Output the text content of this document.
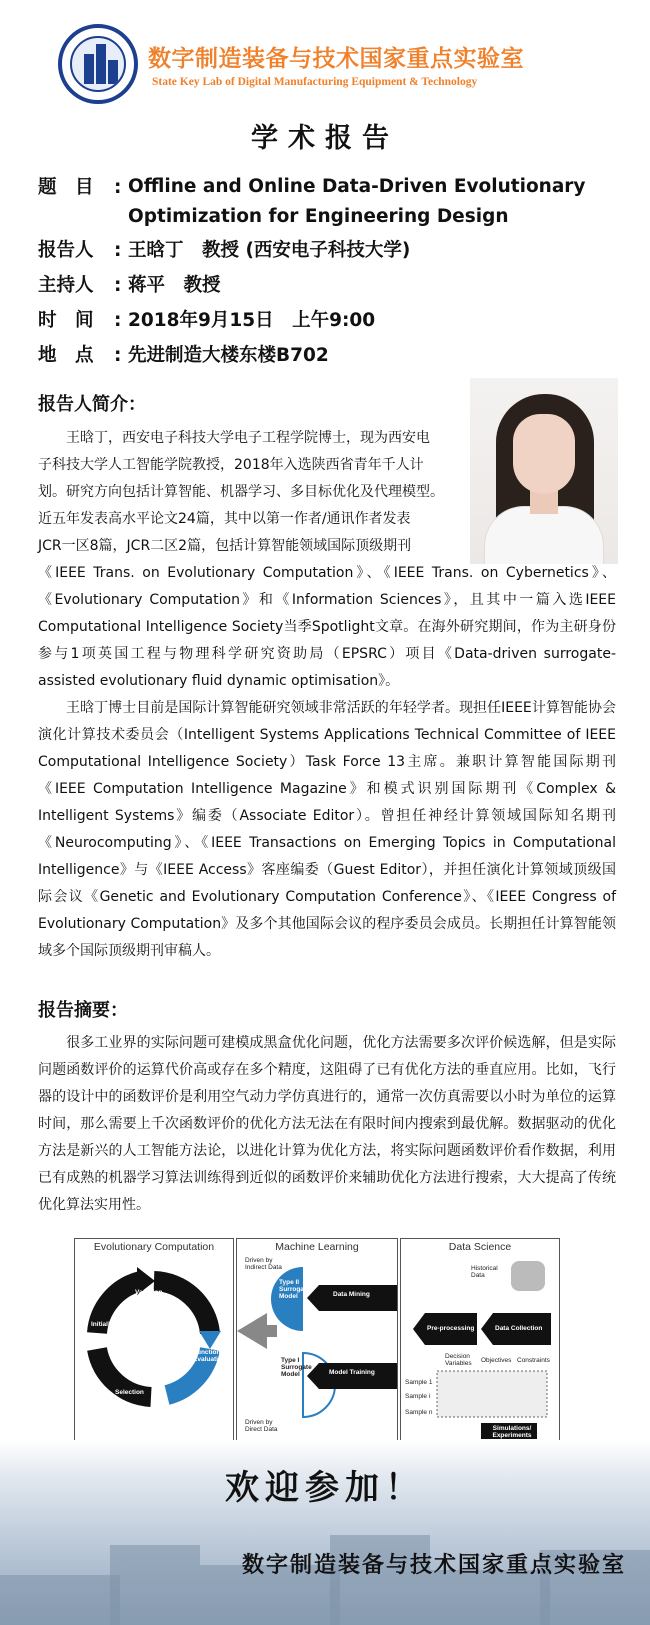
数字制造装备与技术国家重点实验室
State Key Lab of Digital Manufacturing Equipment & Technology
学术报告
题　目	: Offline and Online Data-Driven Evolutionary Optimization for Engineering Design
报告人	: 王晗丁　教授 (西安电子科技大学)
主持人	: 蒋平　教授
时　间	: 2018年9月15日　上午9:00
地　点	: 先进制造大楼东楼B702
报告人简介：
王晗丁，西安电子科技大学电子工程学院博士，现为西安电
子科技大学人工智能学院教授，2018年入选陕西省青年千人计
划。研究方向包括计算智能、机器学习、多目标优化及代理模型。
近五年发表高水平论文24篇，其中以第一作者/通讯作者发表
JCR一区8篇，JCR二区2篇，包括计算智能领域国际顶级期刊
《IEEE Trans. on Evolutionary Computation》、《IEEE Trans. on Cybernetics》、《Evolutionary Computation》和《Information Sciences》，且其中一篇入选IEEE Computational Intelligence Society当季Spotlight文章。在海外研究期间，作为主研身份参与1项英国工程与物理科学研究资助局（EPSRC）项目《Data-driven surrogate-assisted evolutionary fluid dynamic optimisation》。
王晗丁博士目前是国际计算智能研究领域非常活跃的年轻学者。现担任IEEE计算智能协会演化计算技术委员会（Intelligent Systems Applications Technical Committee of IEEE Computational Intelligence Society）Task Force 13主席。兼职计算智能国际期刊《IEEE Computation Intelligence Magazine》和模式识别国际期刊《Complex & Intelligent Systems》编委（Associate Editor）。曾担任神经计算领域国际知名期刊《Neurocomputing》、《IEEE Transactions on Emerging Topics in Computational Intelligence》与《IEEE Access》客座编委（Guest Editor），并担任演化计算领域顶级国际会议《Genetic and Evolutionary Computation Conference》、《IEEE Congress of Evolutionary Computation》及多个其他国际会议的程序委员会成员。长期担任计算智能领域多个国际顶级期刊审稿人。
报告摘要：
很多工业界的实际问题可建模成黑盒优化问题，优化方法需要多次评价候选解，但是实际问题函数评价的运算代价高或存在多个精度，这阻碍了已有优化方法的垂直应用。比如，飞行器的设计中的函数评价是利用空气动力学仿真进行的，通常一次仿真需要以小时为单位的运算时间，那么需要上千次函数评价的优化方法无法在有限时间内搜索到最优解。数据驱动的优化方法是新兴的人工智能方法论，以进化计算为优化方法，将实际问题函数评价看作数据，利用已有成熟的机器学习算法训练得到近似的函数评价来辅助优化方法进行搜索，大大提高了传统优化算法实用性。
Evolutionary Computation
Variation
Initialization
Selection
Function Evaluation
Machine Learning
Driven by Indirect Data
Type II Surrogate Model	Data Mining
Type I Surrogate Model	Model Training
Driven by Direct Data
Data Science
Historical Data
Pre-processing	Data Collection
Decision Variables	Objectives Constraints
Sample 1
Sample i
Sample n
Simulations/ Experiments
欢迎参加！
数字制造装备与技术国家重点实验室
